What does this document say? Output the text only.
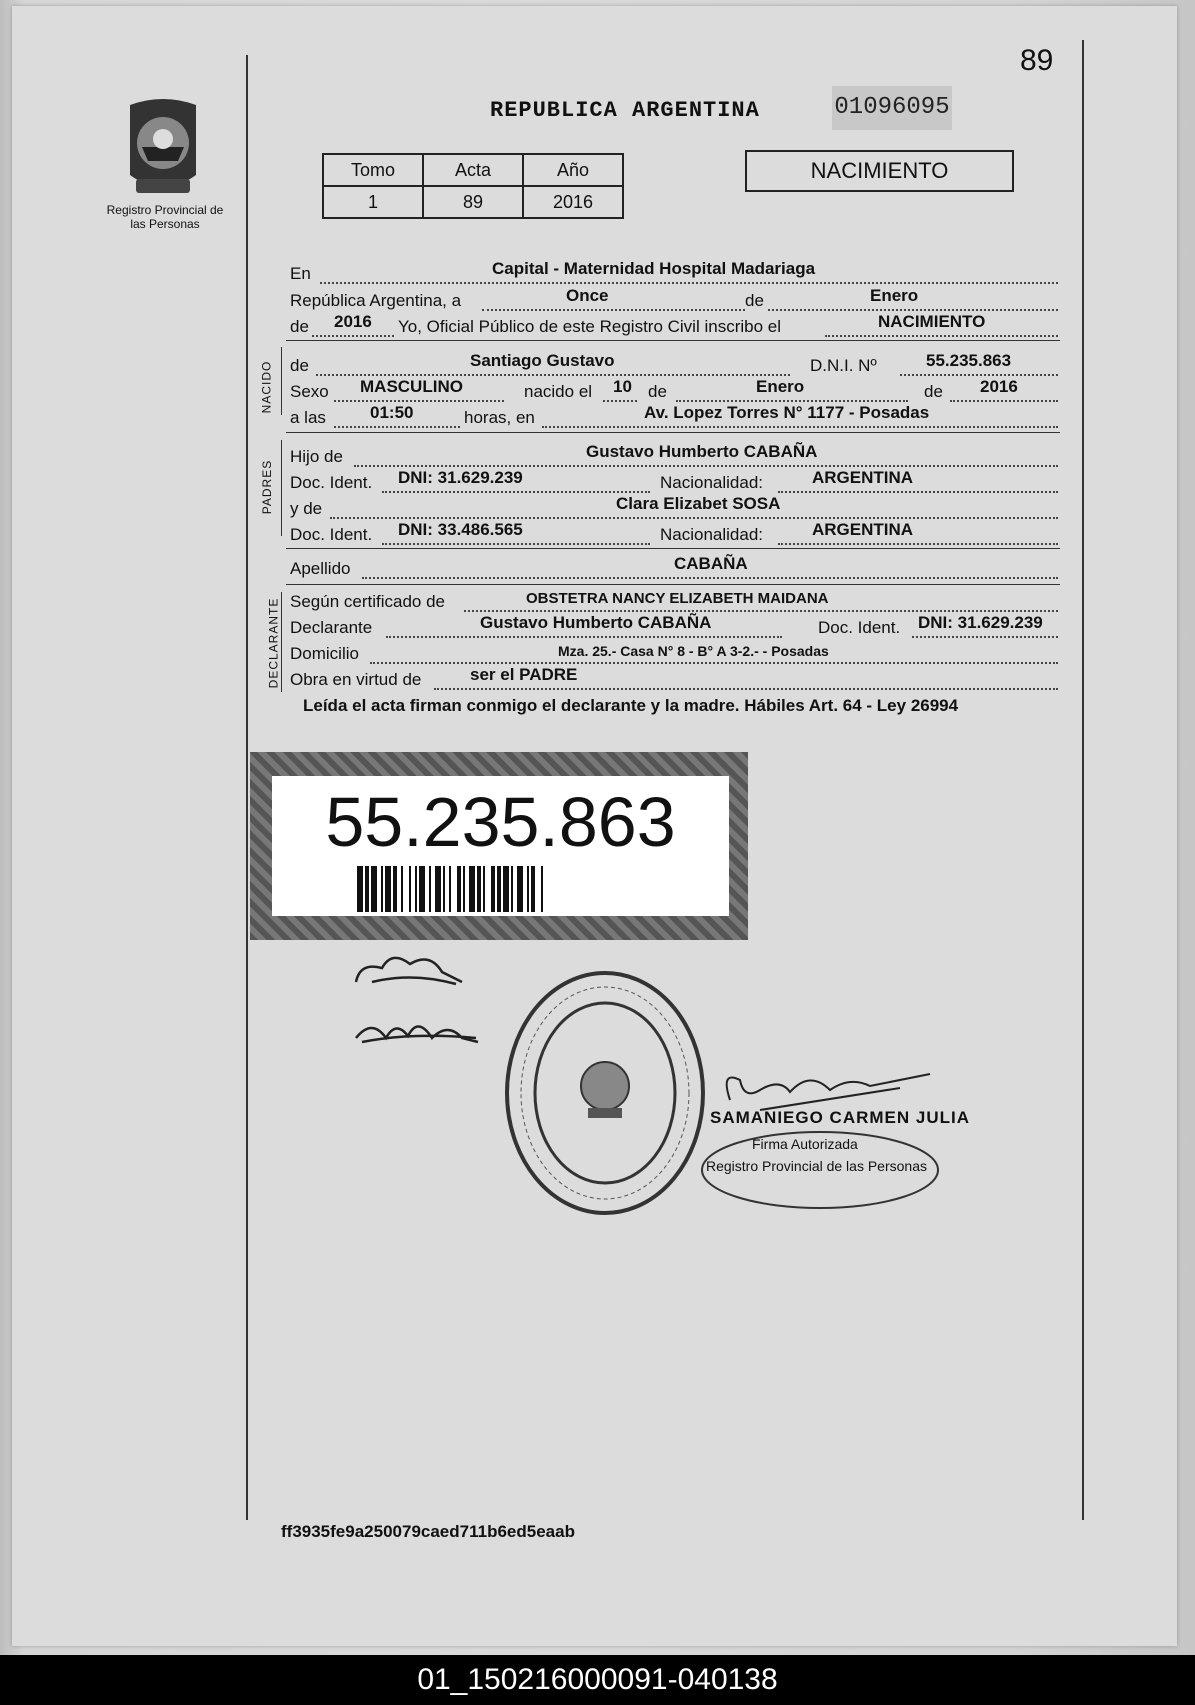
89
REPUBLICA ARGENTINA	01096095
Registro Provincial de las Personas
Tomo	Acta	Año
1	89	2016
NACIMIENTO
En	Capital - Maternidad Hospital Madariaga
República Argentina, a	Once	de	Enero
de 2016 Yo, Oficial Público de este Registro Civil inscribo el	NACIMIENTO
NACIDO de	Santiago Gustavo	D.N.I. Nº	55.235.863
Sexo MASCULINO	nacido el 10 de	Enero	de 2016
a las	01:50	horas, en	Av. Lopez Torres N° 1177 - Posadas
PADRES
Hijo de	Gustavo Humberto CABAÑA
Doc. Ident. DNI: 31.629.239	Nacionalidad:	ARGENTINA
y de	Clara Elizabet SOSA
Doc. Ident. DNI: 33.486.565	Nacionalidad:	ARGENTINA
Apellido	CABAÑA
DECLARANTE Según certificado de	OBSTETRA NANCY ELIZABETH MAIDANA
Declarante	Gustavo Humberto CABAÑA	Doc. Ident. DNI: 31.629.239
Domicilio	Mza. 25.- Casa N° 8 - B° A 3-2.- - Posadas
Obra en virtud de	ser el PADRE
Leída el acta firman conmigo el declarante y la madre. Hábiles Art. 64 - Ley 26994
55.235.863
SAMANIEGO CARMEN JULIA
Firma Autorizada
Registro Provincial de las Personas
ff3935fe9a250079caed711b6ed5eaab
01_150216000091-040138
